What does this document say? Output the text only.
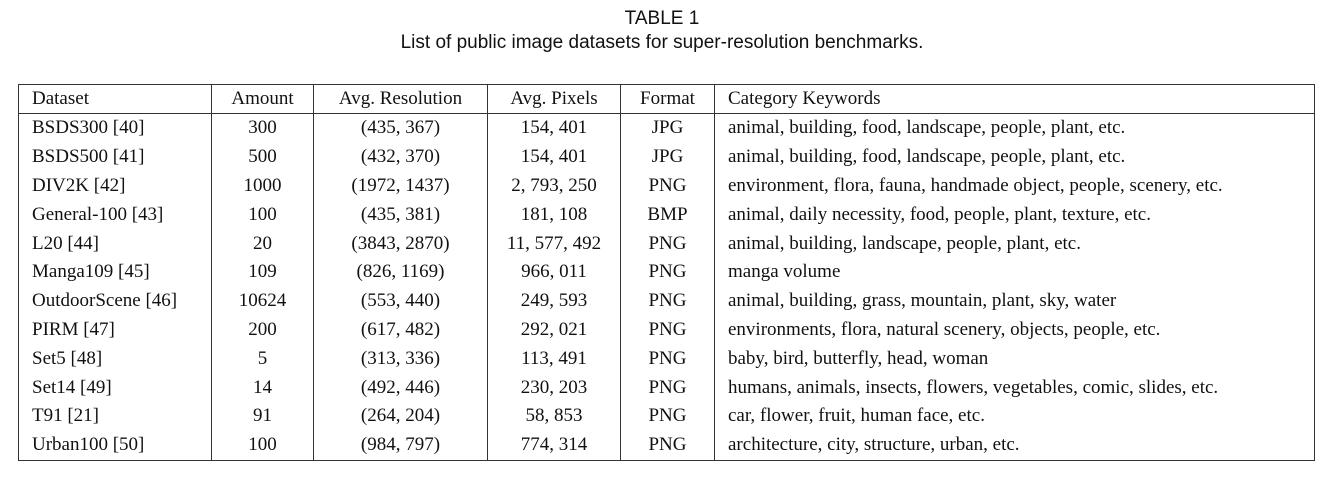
TABLE 1
List of public image datasets for super-resolution benchmarks.
Dataset	Amount	Avg. Resolution	Avg. Pixels	Format	Category Keywords
BSDS300 [40]	300	(435, 367)	154, 401	JPG	animal, building, food, landscape, people, plant, etc.
BSDS500 [41]	500	(432, 370)	154, 401	JPG	animal, building, food, landscape, people, plant, etc.
DIV2K [42]	1000	(1972, 1437)	2, 793, 250	PNG	environment, flora, fauna, handmade object, people, scenery, etc.
General-100 [43]	100	(435, 381)	181, 108	BMP	animal, daily necessity, food, people, plant, texture, etc.
L20 [44]	20	(3843, 2870)	11, 577, 492	PNG	animal, building, landscape, people, plant, etc.
Manga109 [45]	109	(826, 1169)	966, 011	PNG	manga volume
OutdoorScene [46]	10624	(553, 440)	249, 593	PNG	animal, building, grass, mountain, plant, sky, water
PIRM [47]	200	(617, 482)	292, 021	PNG	environments, flora, natural scenery, objects, people, etc.
Set5 [48]	5	(313, 336)	113, 491	PNG	baby, bird, butterfly, head, woman
Set14 [49]	14	(492, 446)	230, 203	PNG	humans, animals, insects, flowers, vegetables, comic, slides, etc.
T91 [21]	91	(264, 204)	58, 853	PNG	car, flower, fruit, human face, etc.
Urban100 [50]	100	(984, 797)	774, 314	PNG	architecture, city, structure, urban, etc.
